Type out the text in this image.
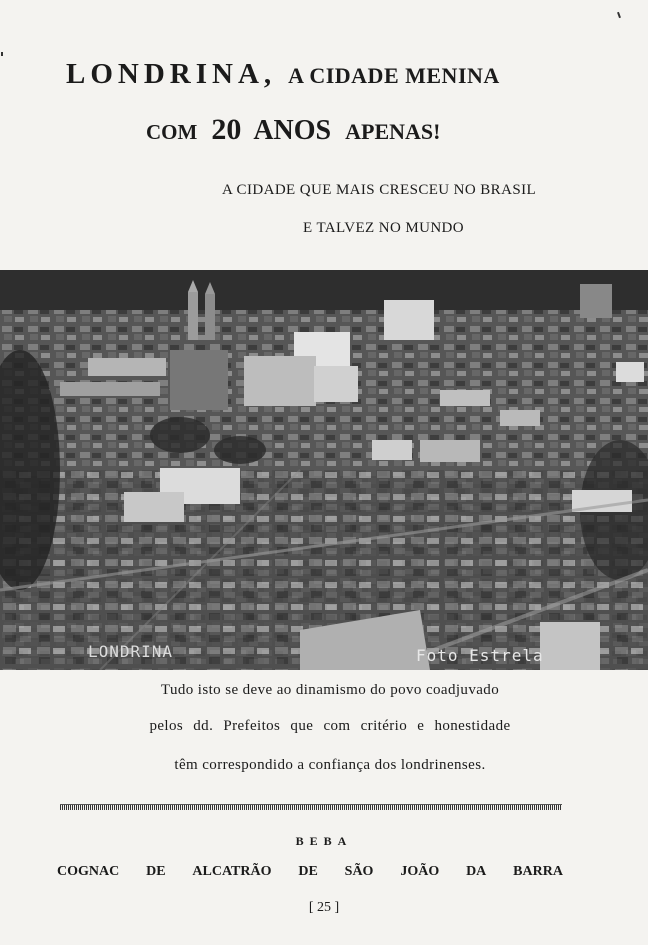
LONDRINA, A CIDADE MENINA
COM 20 ANOS APENAS!
A CIDADE QUE MAIS CRESCEU NO BRASIL
E TALVEZ NO MUNDO
LONDRINA	Foto Estrela
Tudo isto se deve ao dinamismo do povo coadjuvado
pelos dd. Prefeitos que com critério e honestidade
têm correspondido a confiança dos londrinenses.
BEBA
COGNAC DE ALCATRÃO DE SÃO JOÃO DA BARRA
[ 25 ]
